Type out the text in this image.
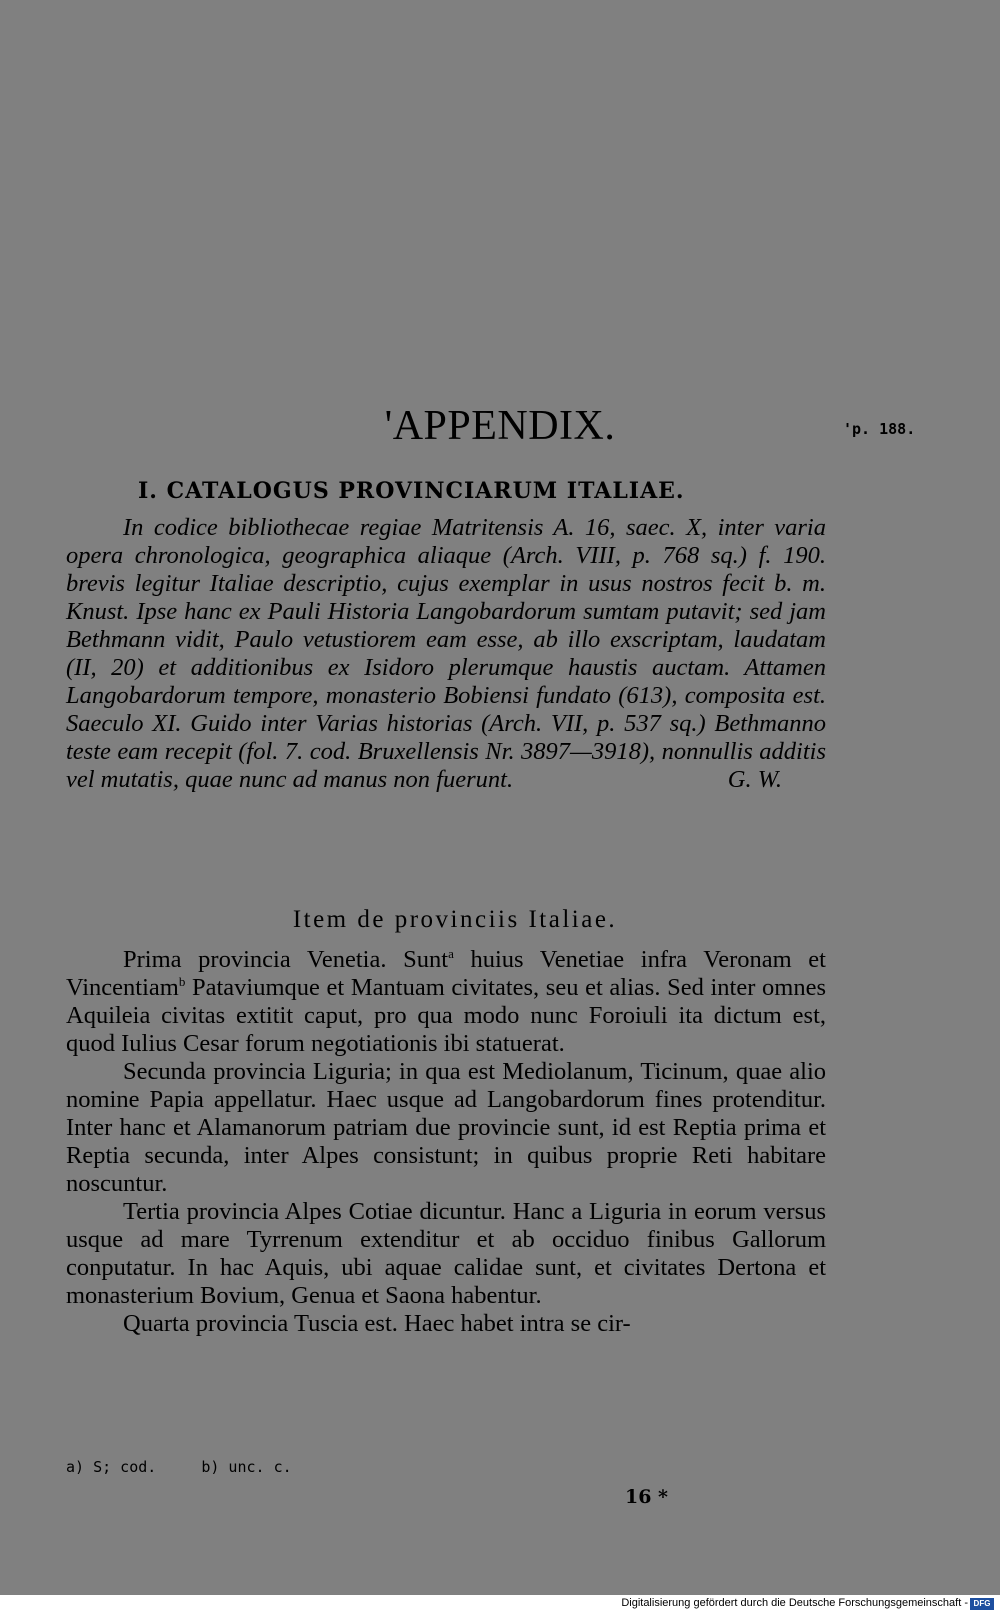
'APPENDIX.	'p. 188.
I. CATALOGUS PROVINCIARUM ITALIAE.

In codice bibliothecae regiae Matritensis A. 16, saec. X, inter varia opera chronologica, geographica aliaque (Arch. VIII, p. 768 sq.) f. 190. brevis legitur Italiae descriptio, cujus exemplar in usus nostros fecit b. m. Knust. Ipse hanc ex Pauli Historia Langobardorum sumtam putavit; sed jam Bethmann vidit, Paulo vetustiorem eam esse, ab illo exscriptam, laudatam (II, 20) et additionibus ex Isidoro plerumque haustis auctam. Attamen Langobardorum tempore, monasterio Bobiensi fundato (613), composita est. Saeculo XI. Guido inter Varias historias (Arch. VII, p. 537 sq.) Bethmanno teste eam recepit (fol. 7. cod. Bruxellensis Nr. 3897—3918), nonnullis additis vel mutatis, quae nunc ad manus non fuerunt.	G. W.

Item de provinciis Italiae.

Prima provincia Venetia. Sunt$^a$ huius Venetiae infra Veronam et Vincentiam$^b$ Pataviumque et Mantuam civitates, seu et alias. Sed inter omnes Aquileia civitas extitit caput, pro qua modo nunc Foroiuli ita dictum est, quod Iulius Cesar forum negotiationis ibi statuerat.

Secunda provincia Liguria; in qua est Mediolanum, Ticinum, quae alio nomine Papia appellatur. Haec usque ad Langobardorum fines protenditur. Inter hanc et Alamanorum patriam due provincie sunt, id est Reptia prima et Reptia secunda, inter Alpes consistunt; in quibus proprie Reti habitare noscuntur.

Tertia provincia Alpes Cotiae dicuntur. Hanc a Liguria in eorum versus usque ad mare Tyrrenum extenditur et ab occiduo finibus Gallorum conputatur. In hac Aquis, ubi aquae calidae sunt, et civitates Dertona et monasterium Bovium, Genua et Saona habentur.

Quarta provincia Tuscia est. Haec habet intra se cir-

a) S; cod.	b) unc. c.
16 *
Digitalisierung gefördert durch die Deutsche Forschungsgemeinschaft - DFG
